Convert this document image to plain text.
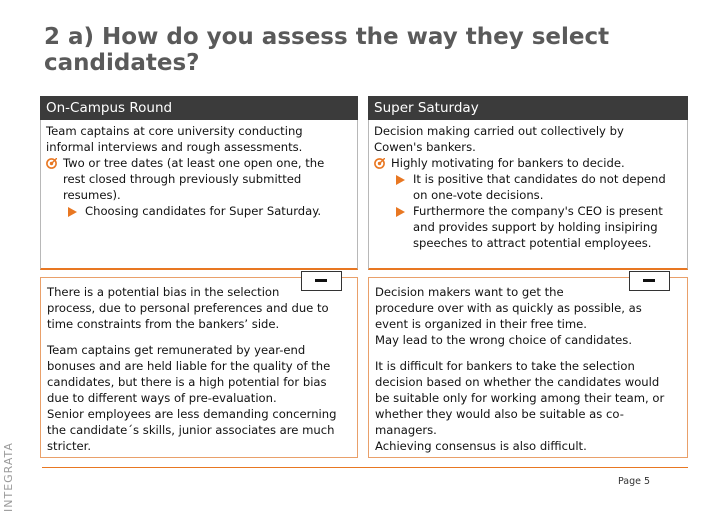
2 a) How do you assess the way they select candidates?
On-Campus Round
Team captains at core university conducting
informal interviews and rough assessments.
Two or tree dates (at least one open one, the
rest closed through previously submitted
resumes).
Choosing candidates for Super Saturday.
There is a potential bias in the selection
process, due to personal preferences and due to
time constraints from the bankers’ side.
Team captains get remunerated by year-end
bonuses and are held liable for the quality of the
candidates, but there is a high potential for bias
due to different ways of pre-evaluation.
Senior employees are less demanding concerning
the candidate´s skills, junior associates are much
stricter.
Super Saturday
Decision making carried out collectively by
Cowen's bankers.
Highly motivating for bankers to decide.
It is positive that candidates do not depend
on one-vote decisions.
Furthermore the company's CEO is present
and provides support by holding insipiring
speeches to attract potential employees.
Decision makers want to get the
procedure over with as quickly as possible, as
event is organized in their free time.
May lead to the wrong choice of candidates.
It is difficult for bankers to take the selection
decision based on whether the candidates would
be suitable only for working among their team, or
whether they would also be suitable as co-
managers.
Achieving consensus is also difficult.
Page 5
INTEGRATA
